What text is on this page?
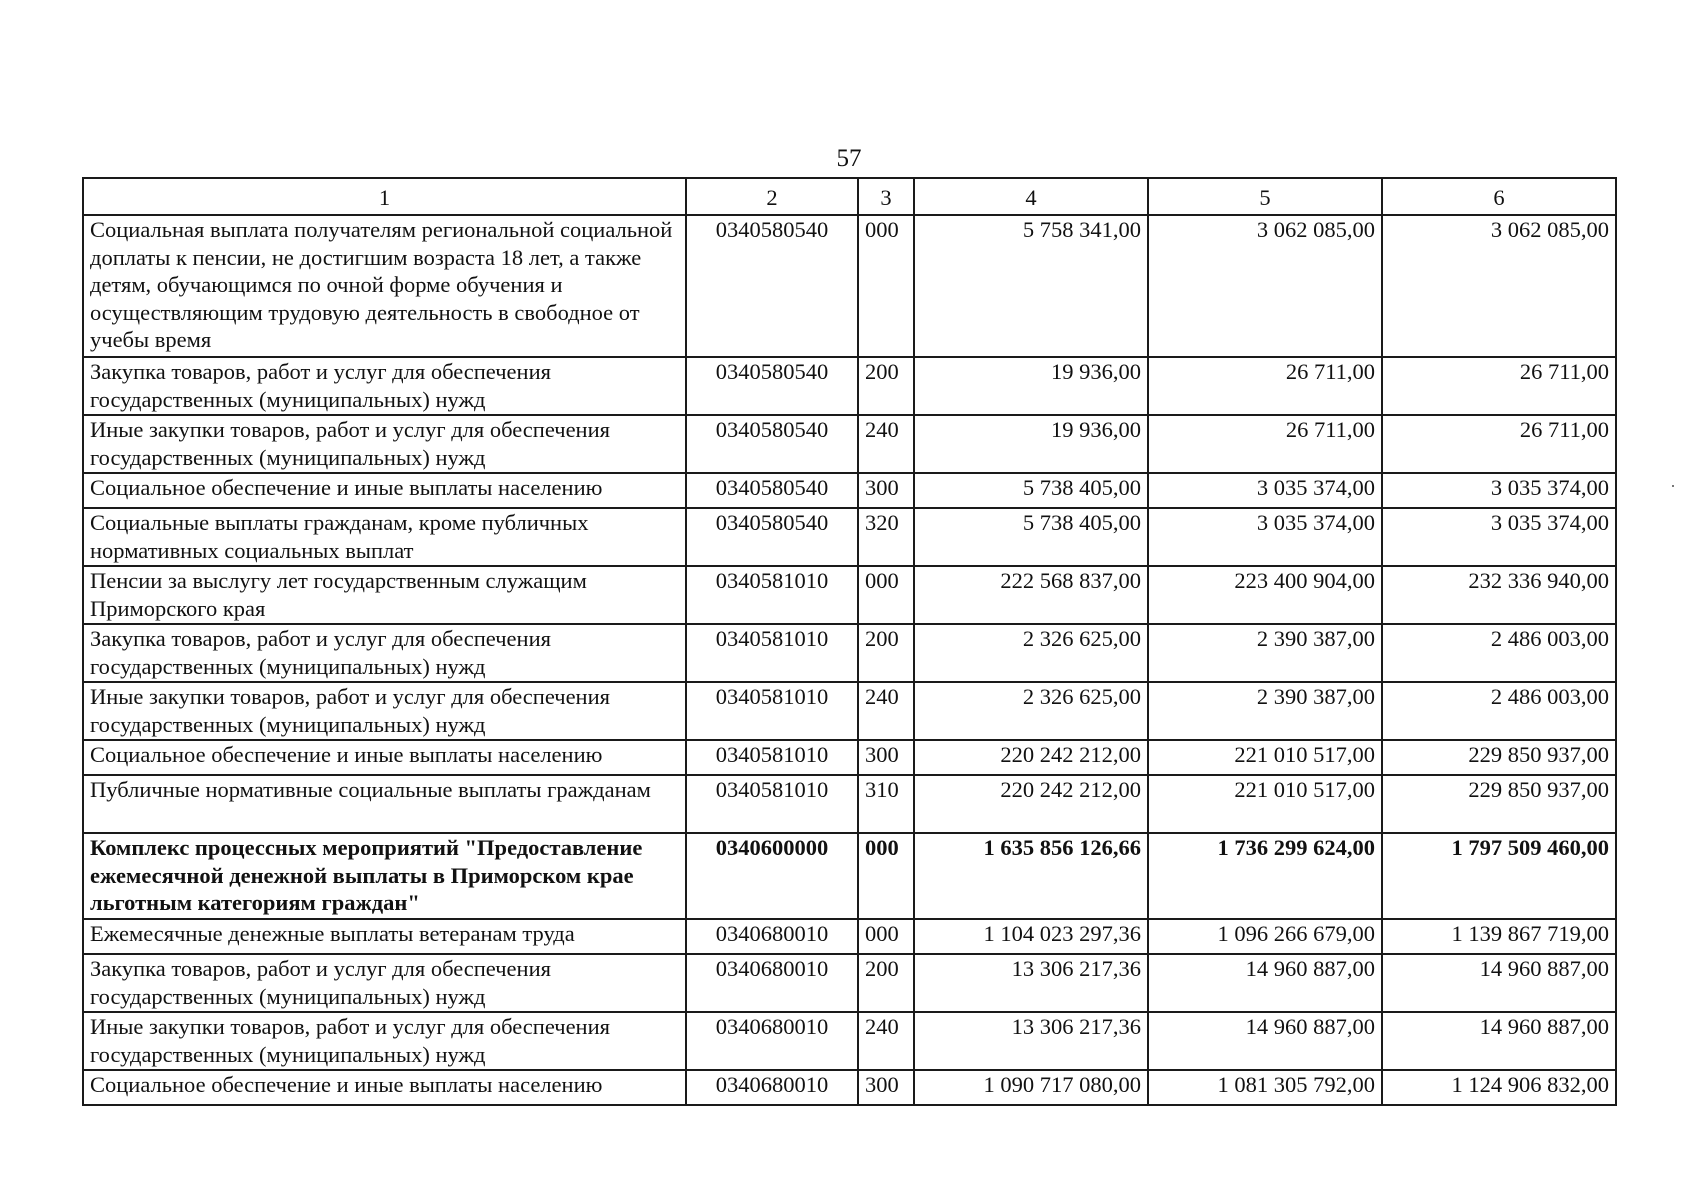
57
1	2	3	4	5	6
Социальная выплата получателям региональной социальной доплаты к пенсии, не достигшим возраста 18 лет, а также детям, обучающимся по очной форме обучения и осуществляющим трудовую деятельность в свободное от учебы время	0340580540	000	5 758 341,00	3 062 085,00	3 062 085,00
Закупка товаров, работ и услуг для обеспечения государственных (муниципальных) нужд	0340580540	200	19 936,00	26 711,00	26 711,00
Иные закупки товаров, работ и услуг для обеспечения государственных (муниципальных) нужд	0340580540	240	19 936,00	26 711,00	26 711,00
Социальное обеспечение и иные выплаты населению	0340580540	300	5 738 405,00	3 035 374,00	3 035 374,00
Социальные выплаты гражданам, кроме публичных нормативных социальных выплат	0340580540	320	5 738 405,00	3 035 374,00	3 035 374,00
Пенсии за выслугу лет государственным служащим Приморского края	0340581010	000	222 568 837,00	223 400 904,00	232 336 940,00
Закупка товаров, работ и услуг для обеспечения государственных (муниципальных) нужд	0340581010	200	2 326 625,00	2 390 387,00	2 486 003,00
Иные закупки товаров, работ и услуг для обеспечения государственных (муниципальных) нужд	0340581010	240	2 326 625,00	2 390 387,00	2 486 003,00
Социальное обеспечение и иные выплаты населению	0340581010	300	220 242 212,00	221 010 517,00	229 850 937,00
Публичные нормативные социальные выплаты гражданам	0340581010	310	220 242 212,00	221 010 517,00	229 850 937,00
Комплекс процессных мероприятий "Предоставление ежемесячной денежной выплаты в Приморском крае льготным категориям граждан"	0340600000	000	1 635 856 126,66	1 736 299 624,00	1 797 509 460,00
Ежемесячные денежные выплаты ветеранам труда	0340680010	000	1 104 023 297,36	1 096 266 679,00	1 139 867 719,00
Закупка товаров, работ и услуг для обеспечения государственных (муниципальных) нужд	0340680010	200	13 306 217,36	14 960 887,00	14 960 887,00
Иные закупки товаров, работ и услуг для обеспечения государственных (муниципальных) нужд	0340680010	240	13 306 217,36	14 960 887,00	14 960 887,00
Социальное обеспечение и иные выплаты населению	0340680010	300	1 090 717 080,00	1 081 305 792,00	1 124 906 832,00
